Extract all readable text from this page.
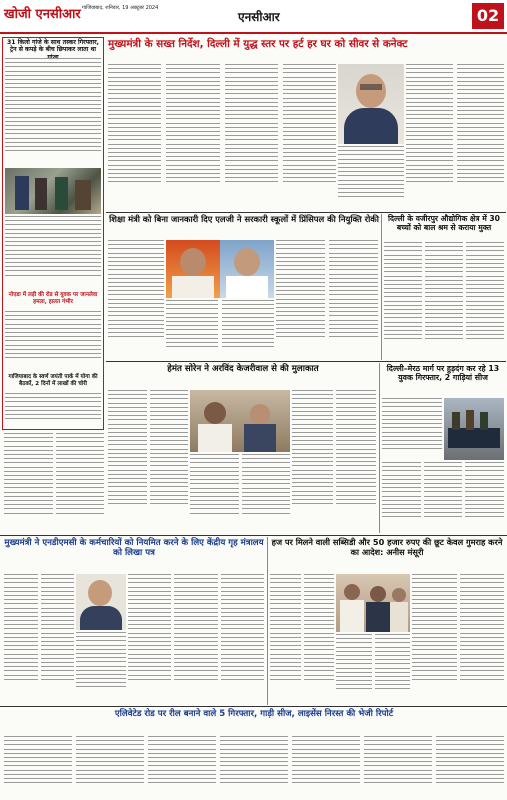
खोजी एनसीआर गाजियाबाद, शनिवार, 19 अक्टूबर 2024
एनसीआर	02
31 किलो गांजे के साथ तस्कर गिरफ्तार, ट्रेन से कपड़े के बीच छिपाकर लाता था
नोएडा में लड़ी की रोड से युवक पर जानलेवा हमला, हालत गंभीर
गाजियाबाद के स्वर्ण जयंती पार्क में योगा की बैठकों, 2 दिनों में लाखों की चोरी
मुख्यमंत्री के सख्त निर्देश, दिल्ली में युद्ध स्तर पर हर्ट हर घर को सीवर से कनेक्ट
शिक्षा मंत्री को बिना जानकारी दिए एलजी ने सरकारी स्कूलों में प्रिंसिपल की नियुक्ति रोकी	दिल्ली के वजीरपुर औद्योगिक क्षेत्र में 30 बच्चों को बाल श्रम से कराया मुक्त
हेमंत सोरेन ने अरविंद केजरीवाल से की मुलाकात	दिल्ली–मेरठ मार्ग पर हुड़दंग कर रहे 13 युवक गिरफ्तार, 2 गाड़ियां सीज
मुख्यमंत्री ने एनडीएमसी के कर्मचारियों को नियमित करने के लिए केंद्रीय गृह मंत्रालय को लिखा पत्र
हज पर मिलने वाली सब्सिडी और 50 हजार रुपए की छूट केवल गुमराह करने का आदेश: अनीस मंसूरी
एलिवेटेड रोड पर रील बनाने वाले 5 गिरफ्तार, गाड़ी सीज, लाइसेंस निरस्त की भेजी रिपोर्ट
